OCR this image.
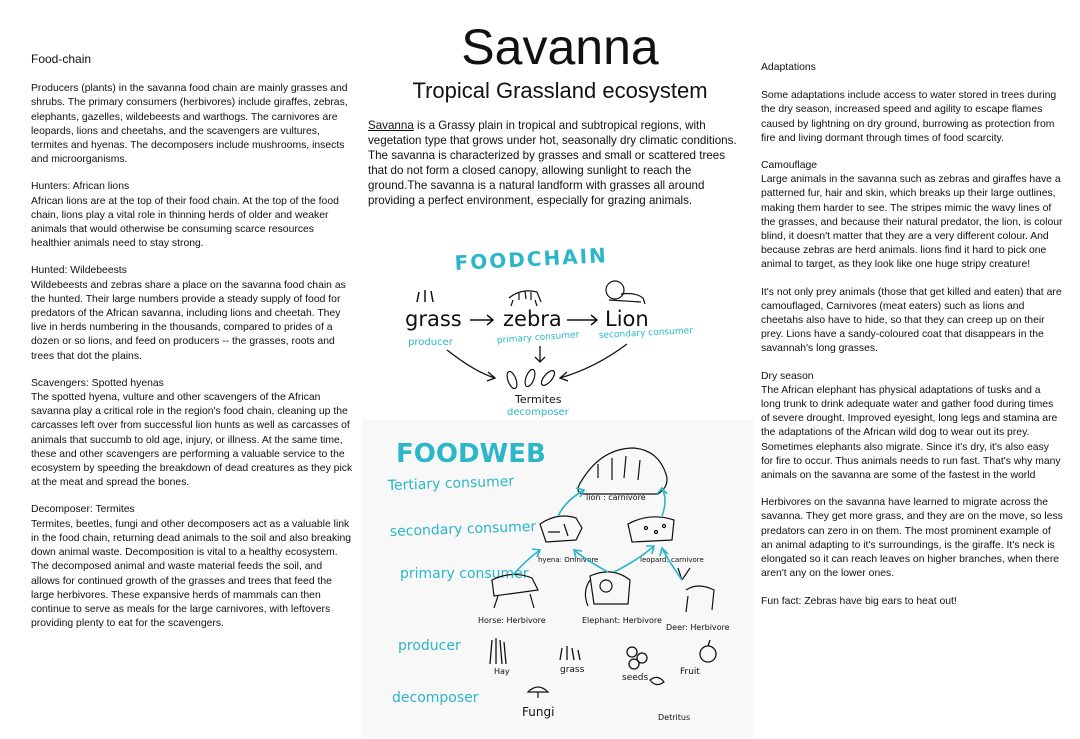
Food-chain

Producers (plants) in the savanna food chain are mainly grasses and shrubs. The primary consumers (herbivores) include giraffes, zebras, elephants, gazelles, wildebeests and warthogs. The carnivores are leopards, lions and cheetahs, and the scavengers are vultures, termites and hyenas. The decomposers include mushrooms, insects and microorganisms.

Hunters: African lions
African lions are at the top of their food chain. At the top of the food chain, lions play a vital role in thinning herds of older and weaker animals that would otherwise be consuming scarce resources healthier animals need to stay strong.

Hunted: Wildebeests
Wildebeests and zebras share a place on the savanna food chain as the hunted. Their large numbers provide a steady supply of food for predators of the African savanna, including lions and cheetah. They live in herds numbering in the thousands, compared to prides of a dozen or so lions, and feed on producers -- the grasses, roots and trees that dot the plains.

Scavengers: Spotted hyenas
The spotted hyena, vulture and other scavengers of the African savanna play a critical role in the region's food chain, cleaning up the carcasses left over from successful lion hunts as well as carcasses of animals that succumb to old age, injury, or illness. At the same time, these and other scavengers are performing a valuable service to the ecosystem by speeding the breakdown of dead creatures as they pick at the meat and spread the bones.

Decomposer: Termites
Termites, beetles, fungi and other decomposers act as a valuable link in the food chain, returning dead animals to the soil and also breaking down animal waste. Decomposition is vital to a healthy ecosystem. The decomposed animal and waste material feeds the soil, and allows for continued growth of the grasses and trees that feed the large herbivores. These expansive herds of mammals can then continue to serve as meals for the large carnivores, with leftovers providing plenty to eat for the scavengers.

Savanna
Tropical Grassland ecosystem
Savanna is a Grassy plain in tropical and subtropical regions, with vegetation type that grows under hot, seasonally dry climatic conditions. The savanna is characterized by grasses and small or scattered trees that do not form a closed canopy, allowing sunlight to reach the ground.The savanna is a natural landform with grasses all around providing a perfect environment, especially for grazing animals.
FOODCHAIN
grass
producer
zebra
primary consumer
Lion
secondary consumer
Termites
decomposer
FOODWEB
Tertiary consumer
secondary consumer
primary consumer
producer
decomposer
lion : carnivore
hyena: Omnivore	leopard: carnivore
Horse: Herbivore	Elephant: Herbivore
Deer: Herbivore
Hay	grass
seeds
Fruit
Fungi	Detritus
Adaptations

Some adaptations include access to water stored in trees during the dry season, increased speed and agility to escape flames caused by lightning on dry ground, burrowing as protection from fire and living dormant through times of food scarcity.

Camouflage
Large animals in the savanna such as zebras and giraffes have a patterned fur, hair and skin, which breaks up their large outlines, making them harder to see. The stripes mimic the wavy lines of the grasses, and because their natural predator, the lion, is colour blind, it doesn't matter that they are a very different colour. And because zebras are herd animals. lions find it hard to pick one animal to target, as they look like one huge stripy creature!

It's not only prey animals (those that get killed and eaten) that are camouflaged, Carnivores (meat eaters) such as lions and cheetahs also have to hide, so that they can creep up on their prey. Lions have a sandy-coloured coat that disappears in the savannah's long grasses.

Dry season
The African elephant has physical adaptations of tusks and a long trunk to drink adequate water and gather food during times of severe drought. Improved eyesight, long legs and stamina are the adaptations of the African wild dog to wear out its prey. Sometimes elephants also migrate. Since it's dry, it's also easy for fire to occur. Thus animals needs to run fast. That's why many animals on the savanna are some of the fastest in the world

Herbivores on the savanna have learned to migrate across the savanna. They get more grass, and they are on the move, so less predators can zero in on them. The most prominent example of an animal adapting to it's surroundings, is the giraffe. It's neck is elongated so it can reach leaves on higher branches, when there aren't any on the lower ones.

Fun fact: Zebras have big ears to heat out!
